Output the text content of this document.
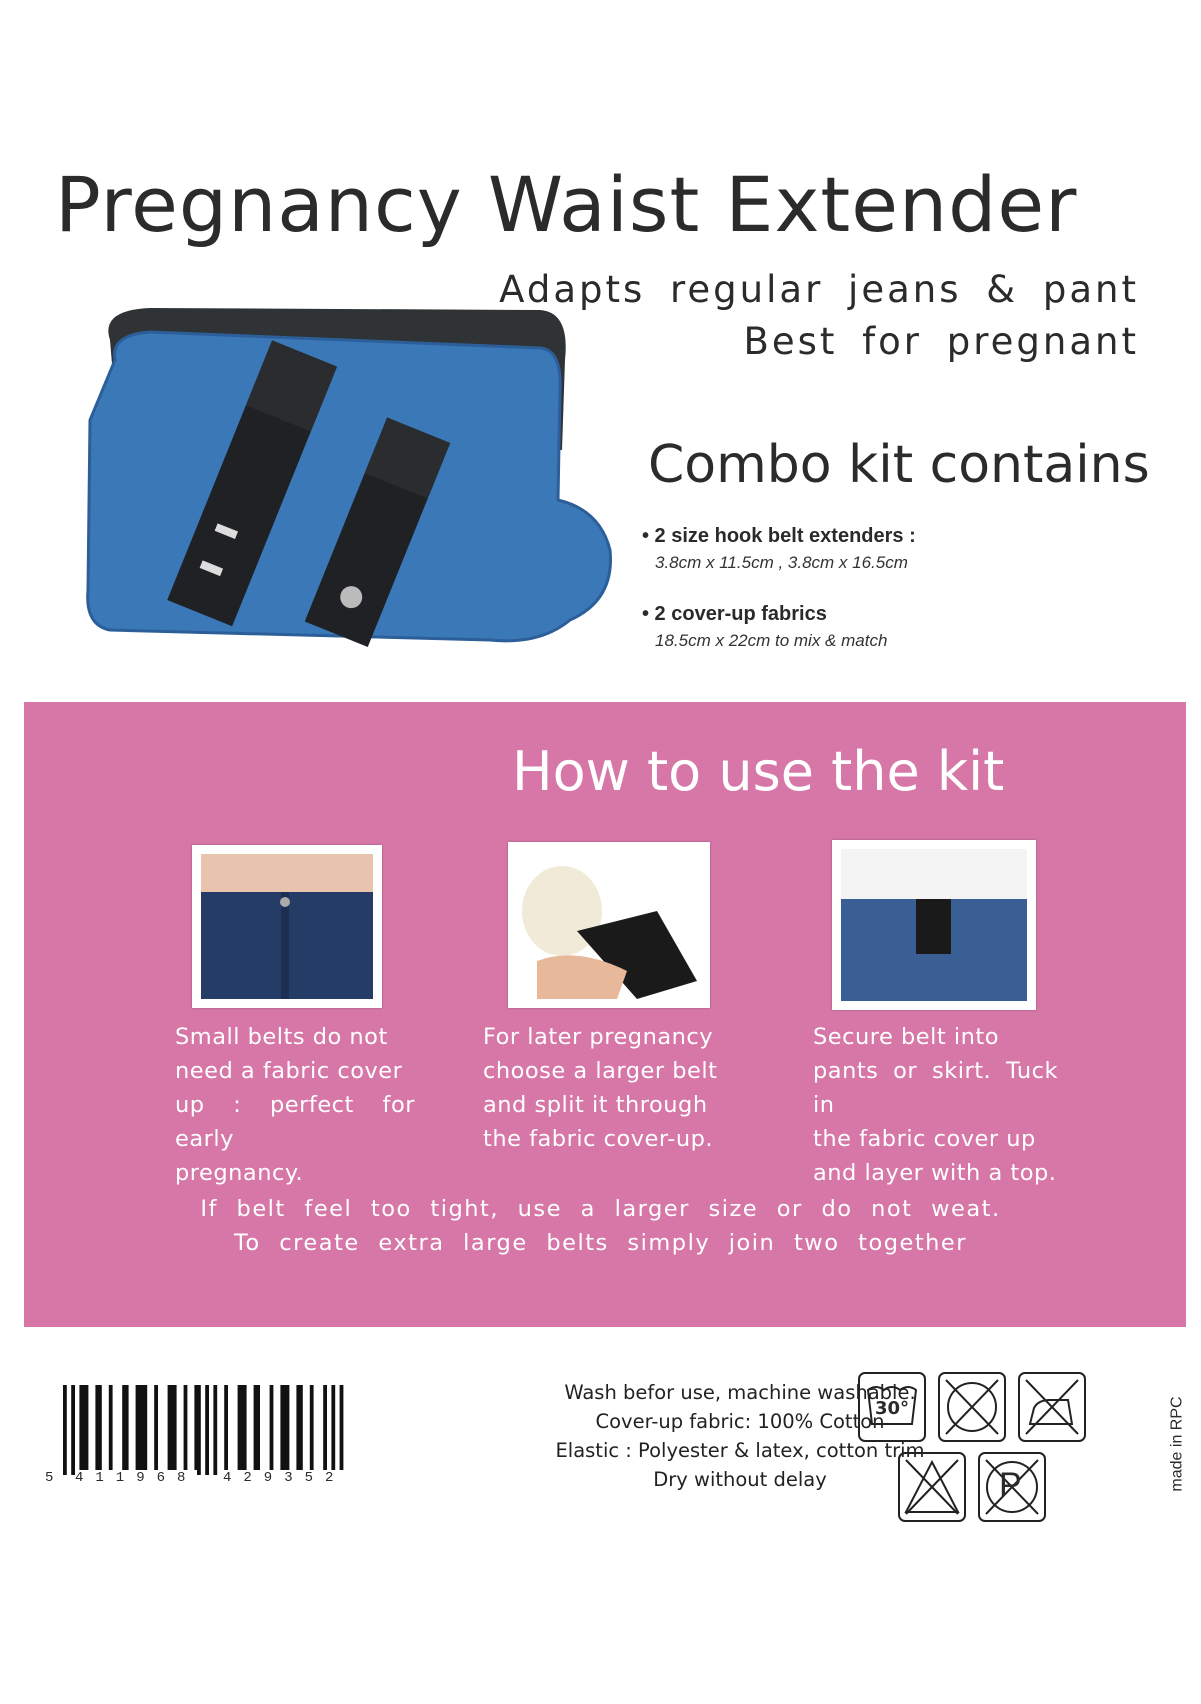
Pregnancy Waist Extender
Adapts regular jeans & pant
Best for pregnant
Combo kit contains
• 2 size hook belt extenders :
3.8cm x 11.5cm , 3.8cm x 16.5cm
• 2 cover-up fabrics
18.5cm x 22cm to mix & match
How to use the kit
Small belts do not
need a fabric cover
up : perfect for early
pregnancy.
For later pregnancy
choose a larger belt
and split it through
the fabric cover-up.
Secure belt into
pants or skirt. Tuck in
the fabric cover up
and layer with a top.
If belt feel too tight, use a larger size or do not weat.
To create extra large belts simply join two together
5 411968 429352
Wash befor use, machine washable.
Cover-up fabric: 100% Cotton
Elastic : Polyester & latex, cotton trim
Dry without delay
30°
P	made in RPC
